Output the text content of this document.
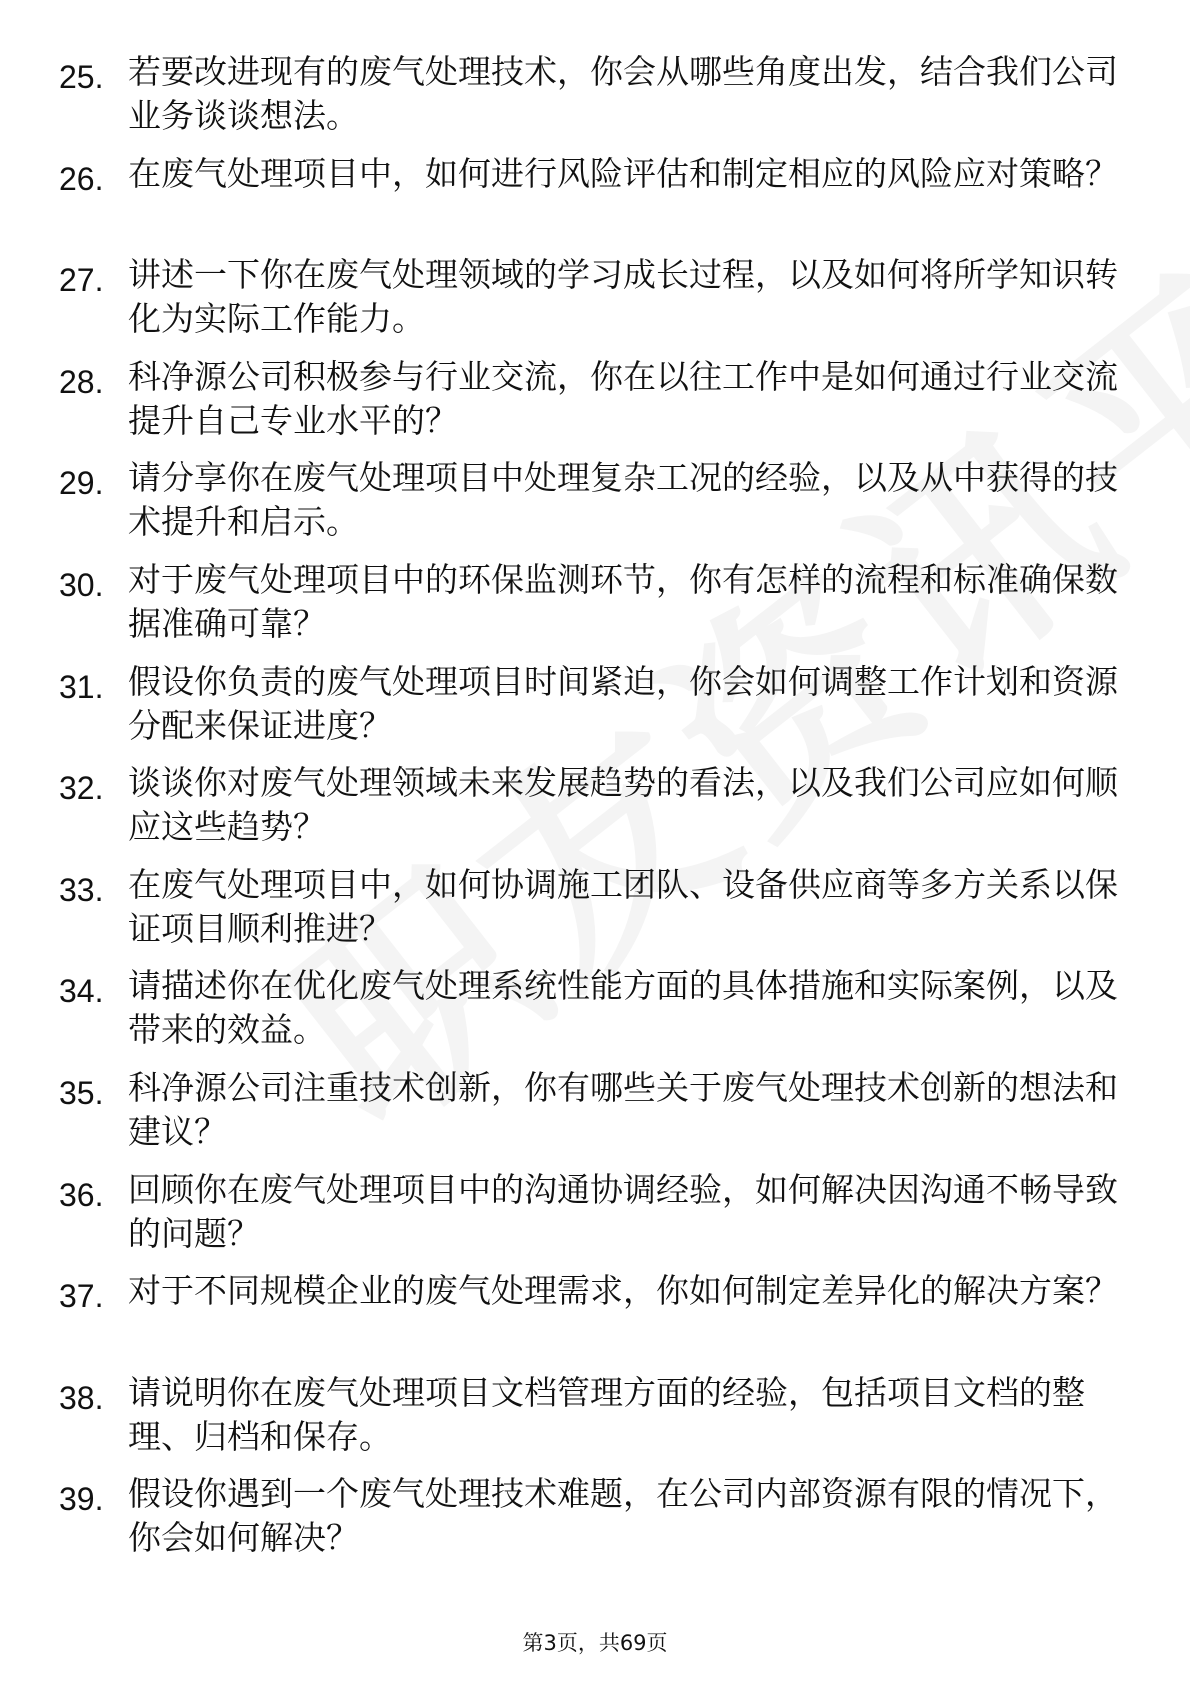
25. 若要改进现有的废气处理技术，你会从哪些角度出发，结合我们公司业务谈谈想法。
26. 在废气处理项目中，如何进行风险评估和制定相应的风险应对策略？
27. 讲述一下你在废气处理领域的学习成长过程，以及如何将所学知识转化为实际工作能力。
28. 科净源公司积极参与行业交流，你在以往工作中是如何通过行业交流提升自己专业水平的？
29. 请分享你在废气处理项目中处理复杂工况的经验，以及从中获得的技术提升和启示。
30. 对于废气处理项目中的环保监测环节，你有怎样的流程和标准确保数据准确可靠？
31. 假设你负责的废气处理项目时间紧迫，你会如何调整工作计划和资源分配来保证进度？
32. 谈谈你对废气处理领域未来发展趋势的看法，以及我们公司应如何顺应这些趋势？
33. 在废气处理项目中，如何协调施工团队、设备供应商等多方关系以保证项目顺利推进？
34. 请描述你在优化废气处理系统性能方面的具体措施和实际案例，以及带来的效益。
35. 科净源公司注重技术创新，你有哪些关于废气处理技术创新的想法和建议？
36. 回顾你在废气处理项目中的沟通协调经验，如何解决因沟通不畅导致的问题？
37. 对于不同规模企业的废气处理需求，你如何制定差异化的解决方案？
38. 请说明你在废气处理项目文档管理方面的经验，包括项目文档的整理、归档和保存。
39. 假设你遇到一个废气处理技术难题，在公司内部资源有限的情况下，你会如何解决？
第3页，共69页
